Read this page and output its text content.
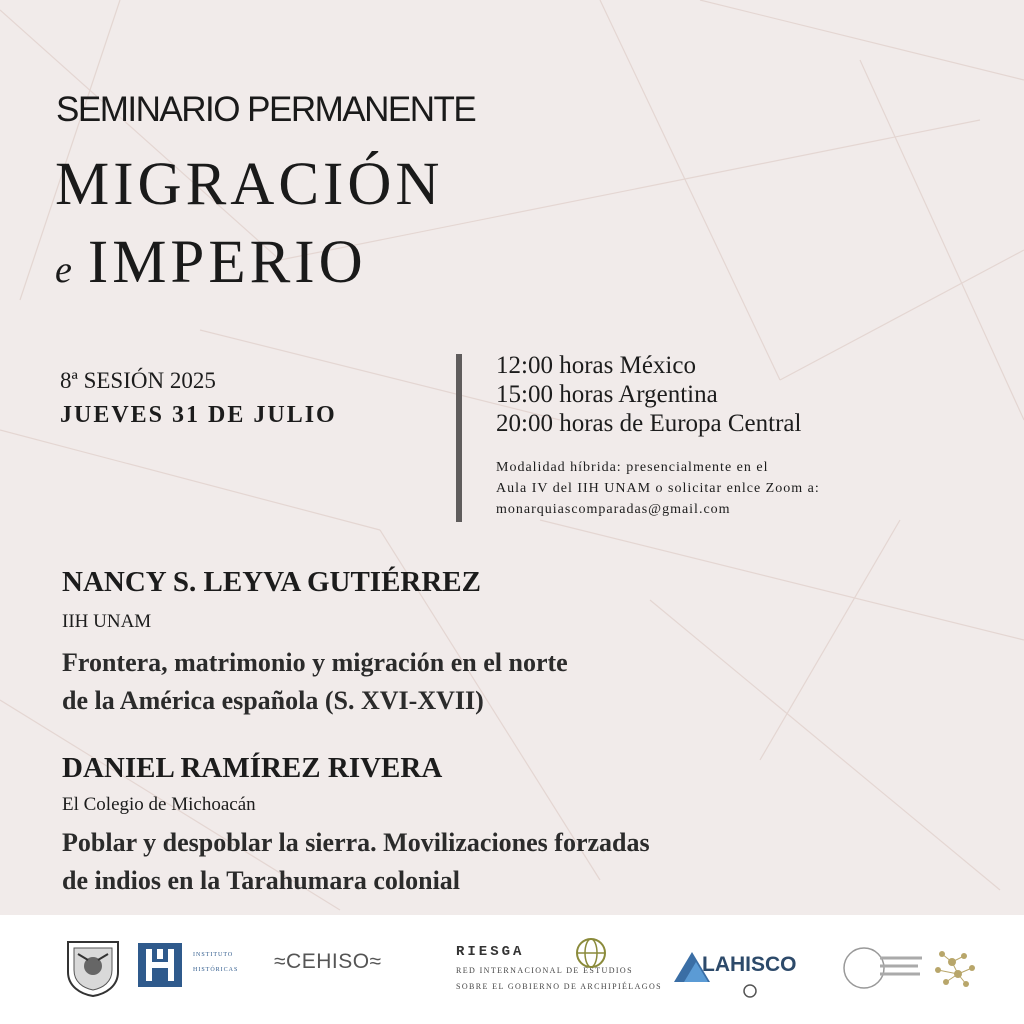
SEMINARIO PERMANENTE
MIGRACIÓN
e IMPERIO
8ª SESIÓN 2025
JUEVES 31 DE JULIO
12:00 horas México
15:00 horas Argentina
20:00 horas de Europa Central
Modalidad híbrida: presencialmente en el
Aula IV del IIH UNAM o solicitar enlce Zoom a:
monarquiascomparadas@gmail.com
NANCY S. LEYVA GUTIÉRREZ
IIH UNAM
Frontera, matrimonio y migración en el norte
de la América española (S. XVI-XVII)
DANIEL RAMÍREZ RIVERA
El Colegio de Michoacán
Poblar y despoblar la sierra. Movilizaciones forzadas
de indios en la Tarahumara colonial
INSTITUTO
HISTÓRICAS ≈CEHISO≈	RIESGA
RED INTERNACIONAL DE ESTUDIOS
SOBRE EL GOBIERNO DE ARCHIPIÉLAGOS
LAHISCO
